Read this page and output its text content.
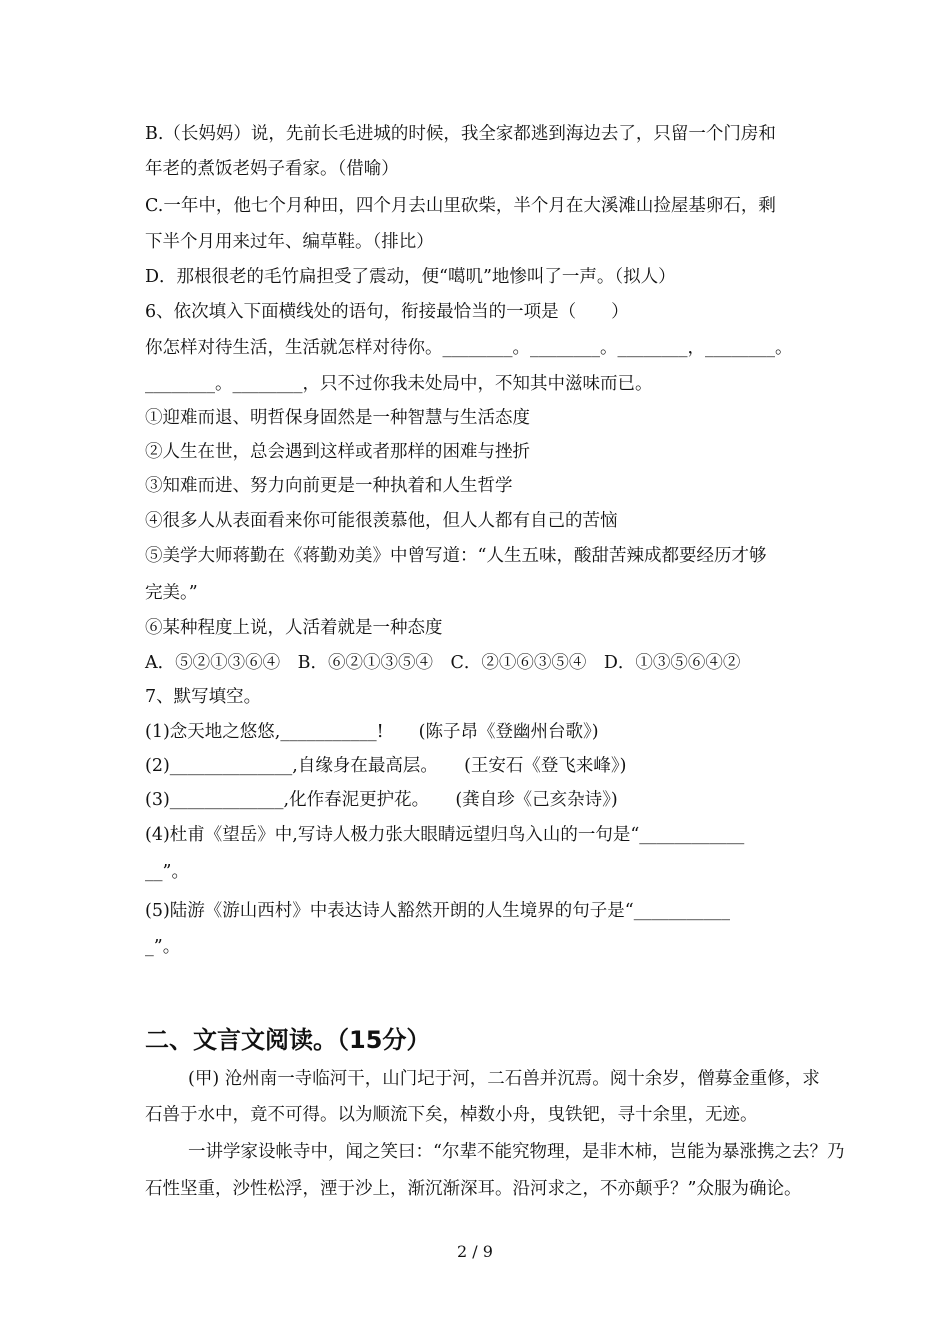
B.（长妈妈）说，先前长毛进城的时候，我全家都逃到海边去了，只留一个门房和
年老的煮饭老妈子看家。（借喻）
C.一年中，他七个月种田，四个月去山里砍柴，半个月在大溪滩山捡屋基卵石，剩
下半个月用来过年、编草鞋。（排比）
D．那根很老的毛竹扁担受了震动，便“噶叽”地惨叫了一声。（拟人）
6、依次填入下面横线处的语句，衔接最恰当的一项是（　　）
你怎样对待生活，生活就怎样对待你。________。________。________，________。
________。________，只不过你我未处局中，不知其中滋味而已。
①迎难而退、明哲保身固然是一种智慧与生活态度
②人生在世，总会遇到这样或者那样的困难与挫折
③知难而进、努力向前更是一种执着和人生哲学
④很多人从表面看来你可能很羡慕他，但人人都有自己的苦恼
⑤美学大师蒋勤在《蒋勤劝美》中曾写道：“人生五味，酸甜苦辣成都要经历才够
完美。”
⑥某种程度上说，人活着就是一种态度
A．⑤②①③⑥④　B．⑥②①③⑤④　C．②①⑥③⑤④　D．①③⑤⑥④②
7、默写填空。
(1)念天地之悠悠,___________!　　(陈子昂《登幽州台歌》)
(2)______________,自缘身在最高层。　　(王安石《登飞来峰》)
(3)_____________,化作春泥更护花。　　(龚自珍《己亥杂诗》)
(4)杜甫《望岳》中,写诗人极力张大眼睛远望归鸟入山的一句是“____________
__”。
(5)陆游《游山西村》中表达诗人豁然开朗的人生境界的句子是“___________
_”。
二、文言文阅读。（15分）
(甲) 沧州南一寺临河干，山门圮于河，二石兽并沉焉。阅十余岁，僧募金重修，求
石兽于水中，竟不可得。以为顺流下矣，棹数小舟，曳铁钯，寻十余里，无迹。
一讲学家设帐寺中，闻之笑曰：“尔辈不能究物理，是非木柿，岂能为暴涨携之去？乃
石性坚重，沙性松浮，湮于沙上，渐沉渐深耳。沿河求之，不亦颠乎？”众服为确论。
2 / 9
